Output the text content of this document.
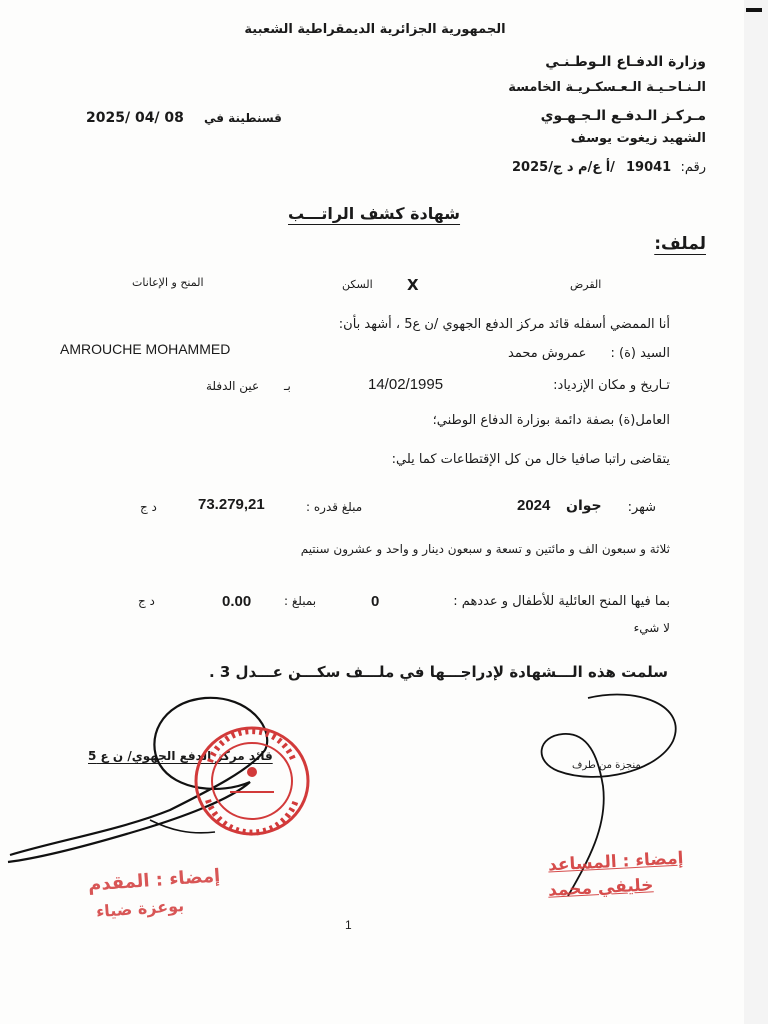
الجمهورية الجزائرية الديمقراطية الشعبية
وزارة الدفـاع الـوطـنـي
الـنـاحـيـة الـعـسكـريـة الخامسة
مـركـز الـدفـع الـجـهـوي
الشهيد زيغوت يوسف
رقم:
19041
/أ ع/م د ج/2025
قسنطينة في
2025/ 04/ 08
شهادة كشف الراتـــب
لملف:
القرض
X
السكن
المنح و الإعانات
أنا الممضي أسفله قائد مركز الدفع الجهوي /ن ع5 ، أشهد بأن:
السيد (ة) :
عمروش محمد
AMROUCHE MOHAMMED
تـاريخ و مكان الإزدياد:
14/02/1995
بـ
عين الدفلة
العامل(ة) بصفة دائمة بوزارة الدفاع الوطني؛
يتقاضى راتبا صافيا خال من كل الإقتطاعات كما يلي:
شهر:
جوان
2024
مبلغ قدره :
73.279,21
د ج
ثلاثة و سبعون الف و مائتين و تسعة و سبعون دينار و واحد و عشرون سنتيم
بما فيها المنح العائلية للأطفال و عددهم :
0
بمبلغ :
0.00
د ج
لا شيء
سلمت هذه الـــشهادة لإدراجـــها في ملـــف سكـــن عـــدل 3 .
قائد مركز الدفع الجهوي/ ن ع 5
منجزة من طرف
إمضاء : المقدم
بوعزة ضياء
إمضاء : المساعد
خليفي محمد
1
